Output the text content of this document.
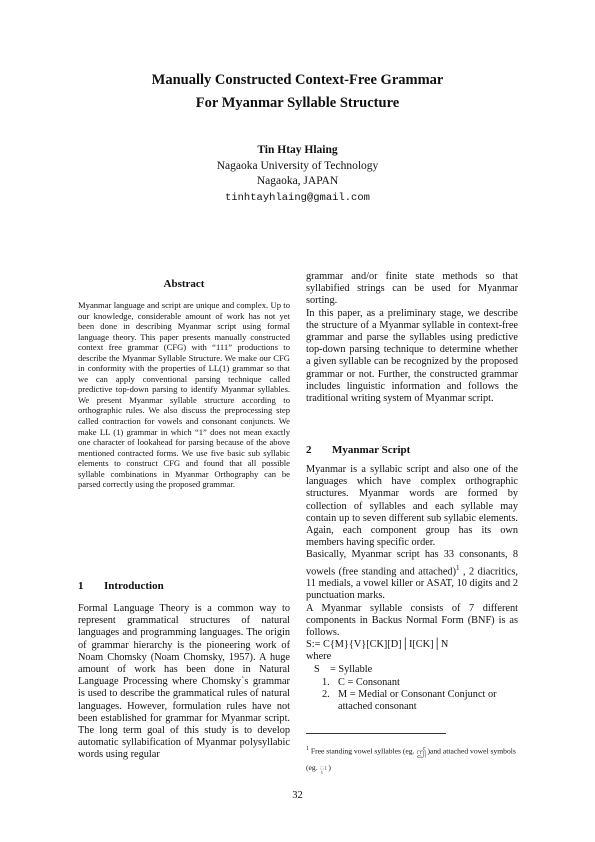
Manually Constructed Context-Free Grammar
For Myanmar Syllable Structure
Tin Htay Hlaing
Nagaoka University of Technology
Nagaoka, JAPAN
tinhtayhlaing@gmail.com
Abstract
Myanmar language and script are unique and complex. Up to our knowledge, considerable amount of work has not yet been done in describing Myanmar script using formal language theory. This paper presents manually constructed context free grammar (CFG) with “111” productions to describe the Myanmar Syllable Structure. We make our CFG in conformity with the properties of LL(1) grammar so that we can apply conventional parsing technique called predictive top-down parsing to identify Myanmar syllables. We present Myanmar syllable structure according to orthographic rules. We also discuss the preprocessing step called contraction for vowels and consonant conjuncts. We make LL (1) grammar in which “1” does not mean exactly one character of lookahead for parsing because of the above mentioned contracted forms. We use five basic sub syllabic elements to construct CFG and found that all possible syllable combinations in Myanmar Orthography can be parsed correctly using the proposed grammar.
1 Introduction
Formal Language Theory is a common way to represent grammatical structures of natural languages and programming languages. The origin of grammar hierarchy is the pioneering work of Noam Chomsky (Noam Chomsky, 1957). A huge amount of work has been done in Natural Language Processing where Chomsky`s grammar is used to describe the grammatical rules of natural languages. However, formulation rules have not been established for grammar for Myanmar script. The long term goal of this study is to develop automatic syllabification of Myanmar polysyllabic words using regular

grammar and/or finite state methods so that syllabified strings can be used for Myanmar sorting.

In this paper, as a preliminary stage, we describe the structure of a Myanmar syllable in context-free grammar and parse the syllables using predictive top-down parsing technique to determine whether a given syllable can be recognized by the proposed grammar or not. Further, the constructed grammar includes linguistic information and follows the traditional writing system of Myanmar script.

2 Myanmar Script

Myanmar is a syllabic script and also one of the languages which have complex orthographic structures. Myanmar words are formed by collection of syllables and each syllable may contain up to seven different sub syllabic elements. Again, each component group has its own members having specific order.

Basically, Myanmar script has 33 consonants, 8 vowels (free standing and attached)$^1$ , 2 diacritics, 11 medials, a vowel killer or ASAT, 10 digits and 2 punctuation marks.

A Myanmar syllable consists of 7 different components in Backus Normal Form (BNF) is as follows.

S:= C{M}{V}[CK][D]│I[CK]│N

where

S    = Syllable

1. C = Consonant
2. M = Medial or Consonant Conjunct or attached consonant
$^1$ Free standing vowel syllables (eg. ဤ )and attached vowel symbols (eg. ုး )
32
